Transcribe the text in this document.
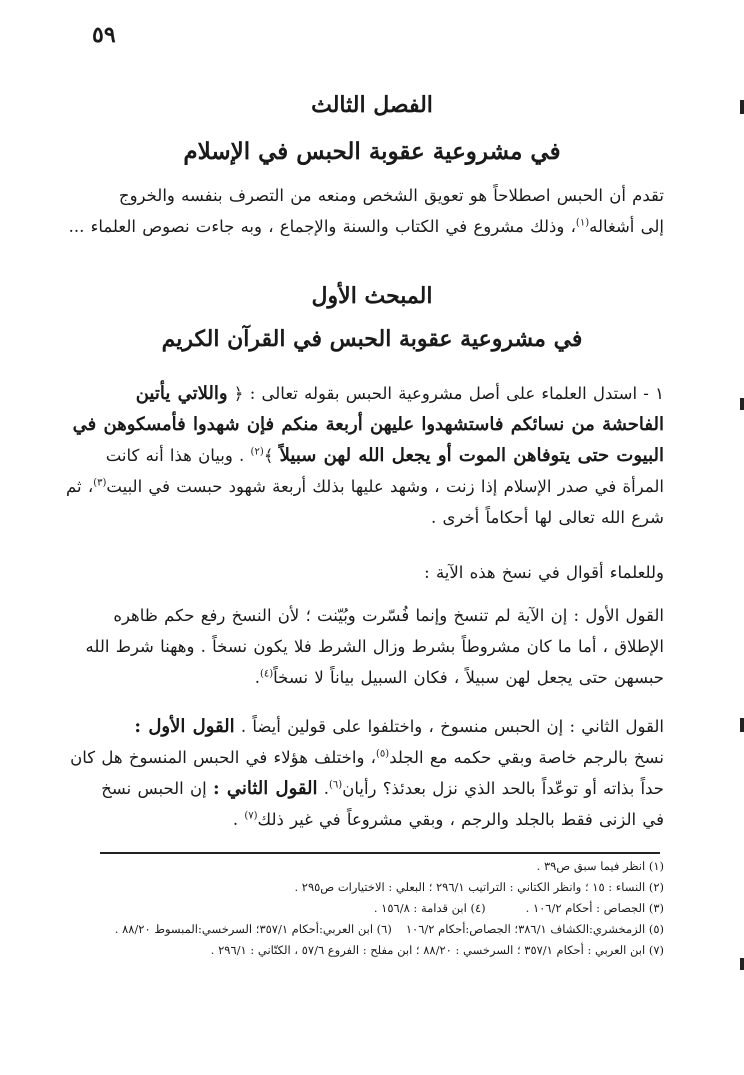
٥٩
الفصل الثالث
في مشروعية عقوبة الحبس في الإسلام

تقدم أن الحبس اصطلاحاً هو تعويق الشخص ومنعه من التصرف بنفسه والخروج
إلى أشغاله$^{(١)}$، وذلك مشروع في الكتاب والسنة والإجماع ، وبه جاءت نصوص العلماء ...

المبحث الأول
في مشروعية عقوبة الحبس في القرآن الكريم

١ - استدل العلماء على أصل مشروعية الحبس بقوله تعالى : ﴿ واللاتي يأتين
الفاحشة من نسائكم فاستشهدوا عليهن أربعة منكم فإن شهدوا فأمسكوهن في
البيوت حتى يتوفاهن الموت أو يجعل الله لهن سبيلاً ﴾$^{(٢)}$ . وبيان هذا أنه كانت
المرأة في صدر الإسلام إذا زنت ، وشهد عليها بذلك أربعة شهود حبست في البيت$^{(٣)}$، ثم
شرع الله تعالى لها أحكاماً أخرى .

وللعلماء أقوال في نسخ هذه الآية :

القول الأول : إن الآية لم تنسخ وإنما فُسّرت وبُيّنت ؛ لأن النسخ رفع حكم ظاهره
الإطلاق ، أما ما كان مشروطاً بشرط وزال الشرط فلا يكون نسخاً . وههنا شرط الله
حبسهن حتى يجعل لهن سبيلاً ، فكان السبيل بياناً لا نسخاً$^{(٤)}$.

القول الثاني : إن الحبس منسوخ ، واختلفوا على قولين أيضاً . القول الأول :
نسخ بالرجم خاصة وبقي حكمه مع الجلد$^{(٥)}$، واختلف هؤلاء في الحبس المنسوخ هل كان
حداً بذاته أو توعّداً بالحد الذي نزل بعدئذ؟ رأيان$^{(٦)}$. القول الثاني : إن الحبس نسخ
في الزنى فقط بالجلد والرجم ، وبقي مشروعاً في غير ذلك$^{(٧)}$ .

(١) انظر فيما سبق ص٣٩ .
(٢) النساء : ١٥ ؛ وانظر الكتاني : التراتيب ٢٩٦/١ ؛ البعلي : الاختيارات ص٢٩٥ .
(٣) الجصاص : أحكام ١٠٦/٢ .(٤) ابن قدامة : ١٥٦/٨ .
(٥) الزمخشري:الكشاف ٣٨٦/١؛ الجصاص:أحكام ١٠٦/٢(٦) ابن العربي:أحكام ٣٥٧/١؛ السرخسي:المبسوط ٨٨/٢٠ .
(٧) ابن العربي : أحكام ٣٥٧/١ ؛ السرخسي : ٨٨/٢٠ ؛ ابن مفلح : الفروع ٥٧/٦ ، الكتّاني : ٢٩٦/١ .
